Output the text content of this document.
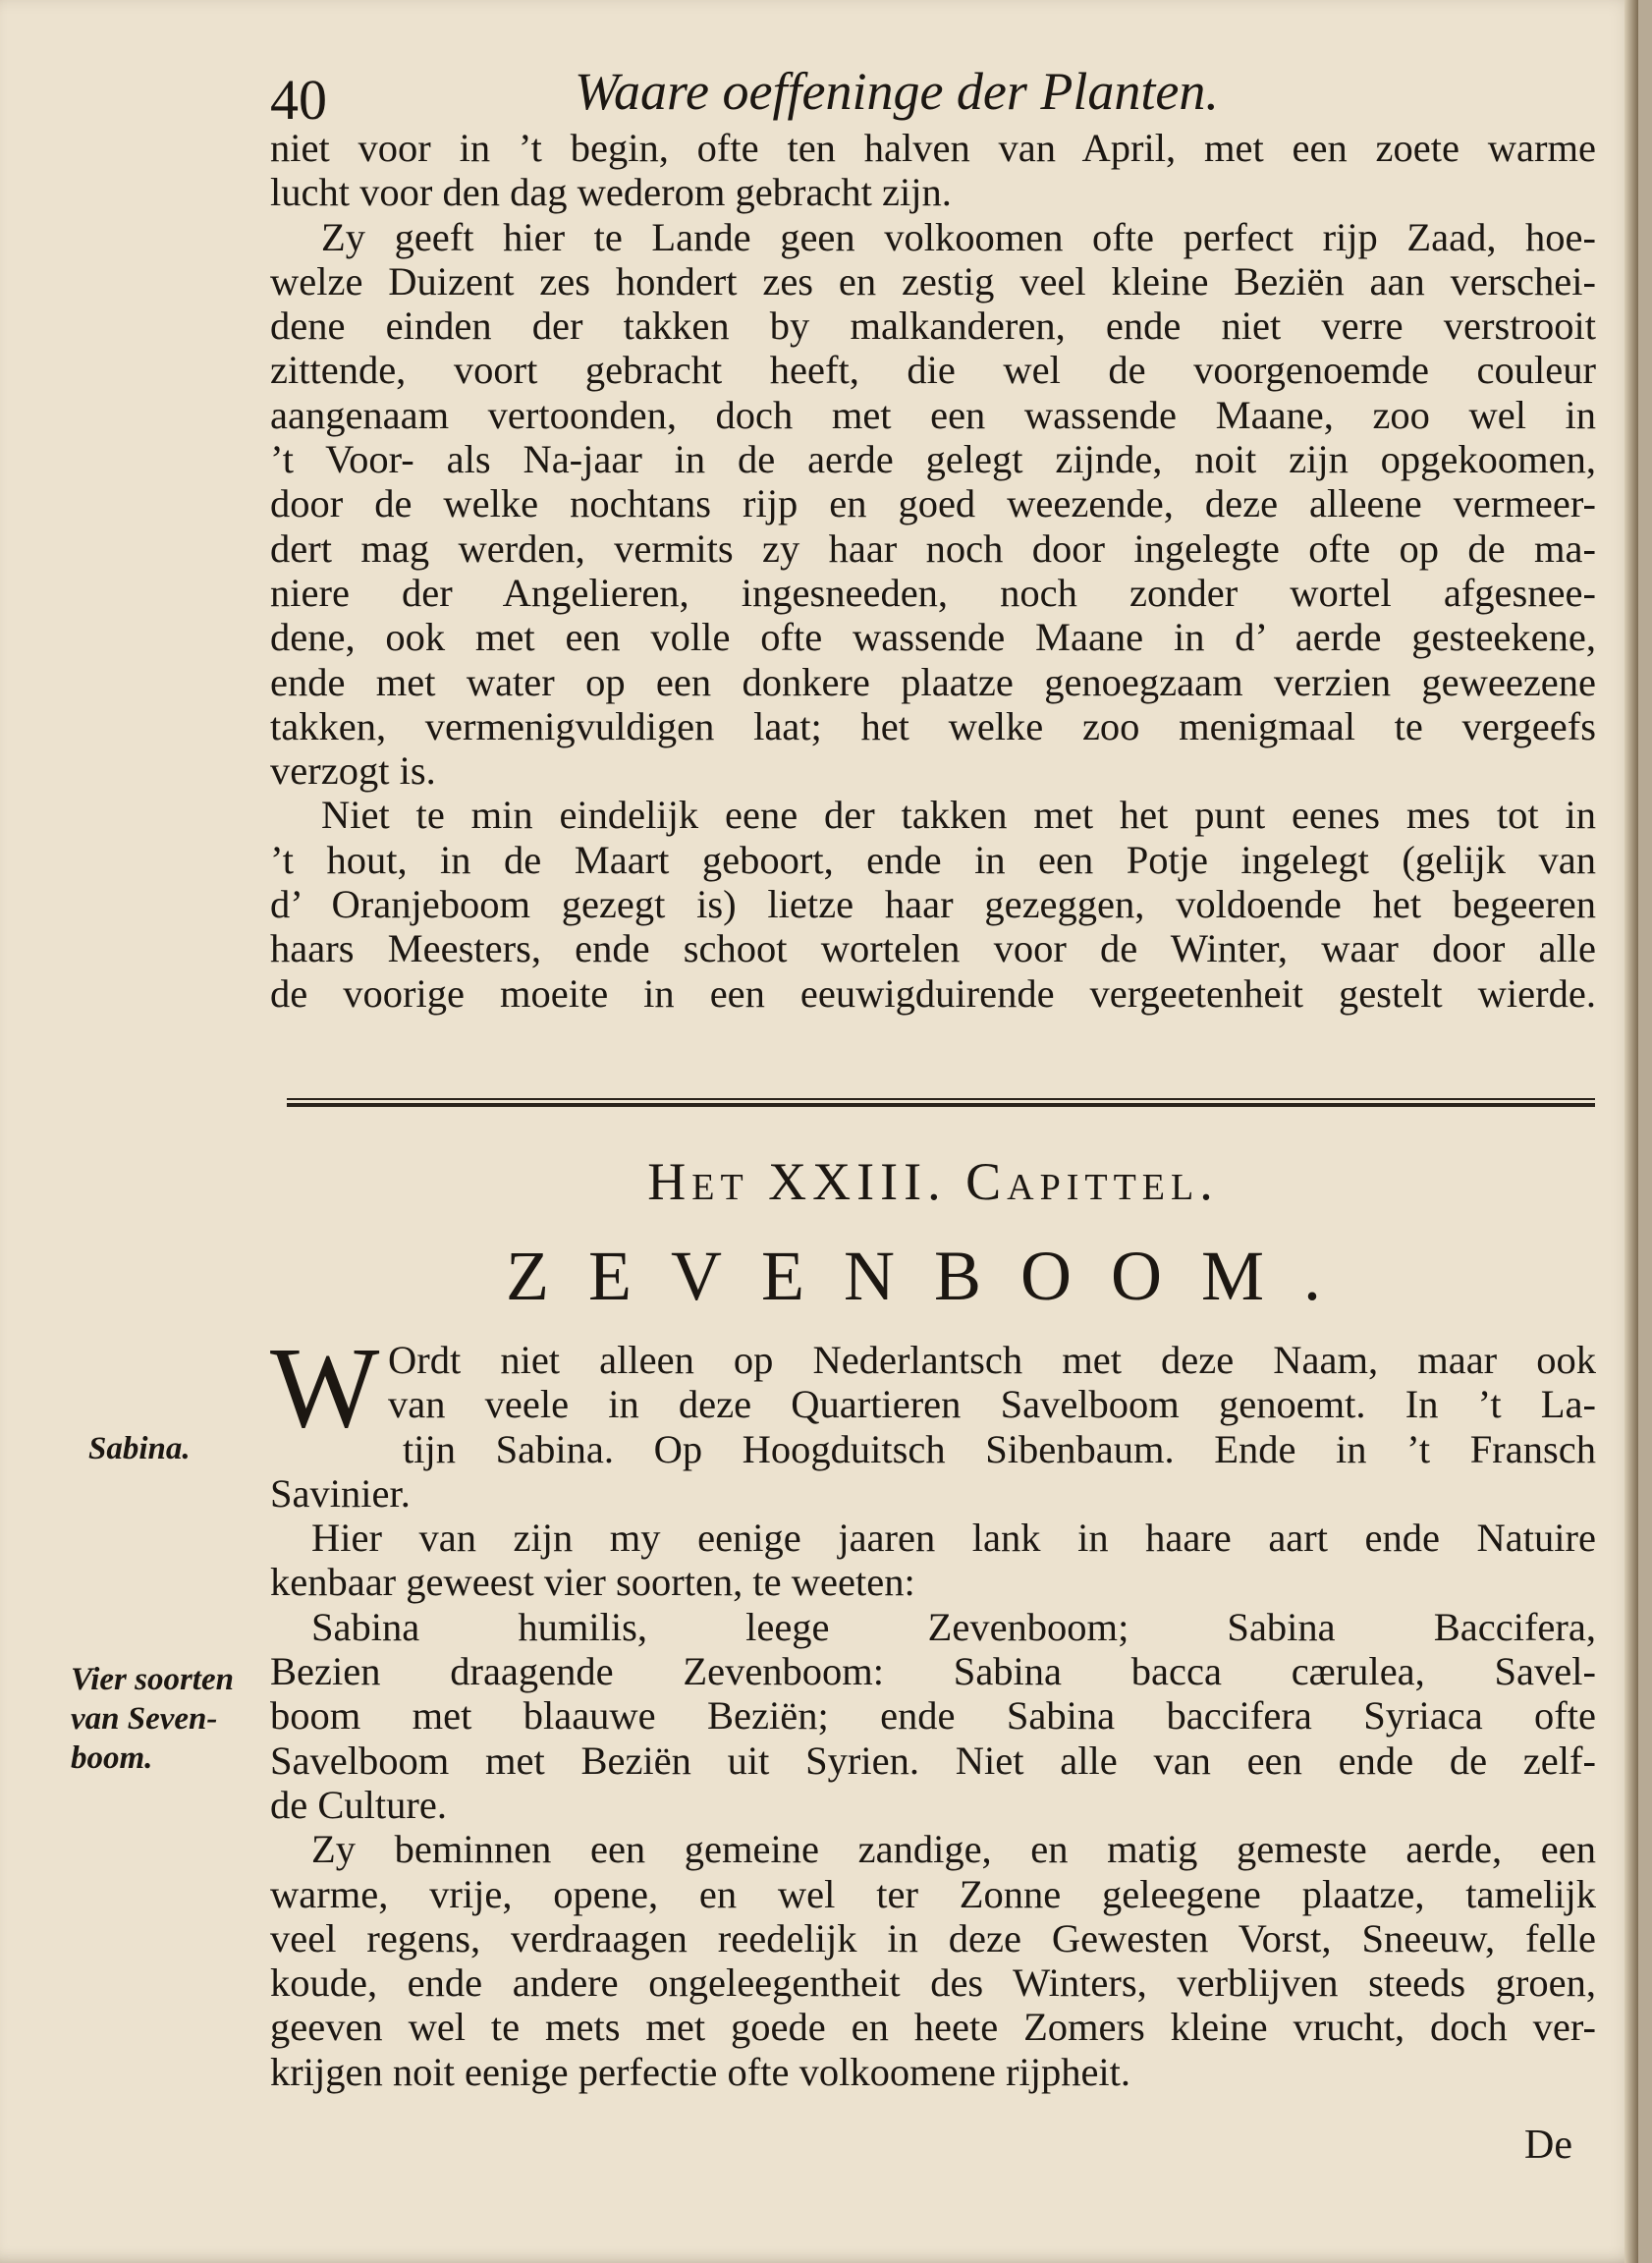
40	Waare oeffeninge der Planten.
niet voor in ’t begin, ofte ten halven van April, met een zoete warme
lucht voor den dag wederom gebracht zijn.
Zy geeft hier te Lande geen volkoomen ofte perfect rijp Zaad, hoe-
welze Duizent zes hondert zes en zestig veel kleine Beziën aan verschei-
dene einden der takken by malkanderen, ende niet verre verstrooit
zittende, voort gebracht heeft, die wel de voorgenoemde couleur
aangenaam vertoonden, doch met een wassende Maane, zoo wel in
’t Voor- als Na-jaar in de aerde gelegt zijnde, noit zijn opgekoomen,
door de welke nochtans rijp en goed weezende, deze alleene vermeer-
dert mag werden, vermits zy haar noch door ingelegte ofte op de ma-
niere der Angelieren, ingesneeden, noch zonder wortel afgesnee-
dene, ook met een volle ofte wassende Maane in d’ aerde gesteekene,
ende met water op een donkere plaatze genoegzaam verzien geweezene
takken, vermenigvuldigen laat; het welke zoo menigmaal te vergeefs
verzogt is.
Niet te min eindelijk eene der takken met het punt eenes mes tot in
’t hout, in de Maart geboort, ende in een Potje ingelegt (gelijk van
d’ Oranjeboom gezegt is) lietze haar gezeggen, voldoende het begeeren
haars Meesters, ende schoot wortelen voor de Winter, waar door alle
de voorige moeite in een eeuwigduirende vergeetenheit gestelt wierde.
Het XXIII. Capittel.
ZEVENBOOM.
W Ordt niet alleen op Nederlantsch met deze Naam, maar ook
van veele in deze Quartieren Savelboom genoemt. In ’t La-
tijn Sabina. Op Hoogduitsch Sibenbaum. Ende in ’t Fransch
Savinier.
Hier van zijn my eenige jaaren lank in haare aart ende Natuire
kenbaar geweest vier soorten, te weeten:
Sabina humilis, leege Zevenboom; Sabina Baccifera,
Bezien draagende Zevenboom: Sabina bacca cærulea, Savel-
boom met blaauwe Beziën; ende Sabina baccifera Syriaca ofte
Savelboom met Beziën uit Syrien. Niet alle van een ende de zelf-
de Culture.
Zy beminnen een gemeine zandige, en matig gemeste aerde, een
warme, vrije, opene, en wel ter Zonne geleegene plaatze, tamelijk
veel regens, verdraagen reedelijk in deze Gewesten Vorst, Sneeuw, felle
koude, ende andere ongeleegentheit des Winters, verblijven steeds groen,
geeven wel te mets met goede en heete Zomers kleine vrucht, doch ver-
krijgen noit eenige perfectie ofte volkoomene rijpheit.
Sabina.
Vier soorten
van Seven-
boom.
De
